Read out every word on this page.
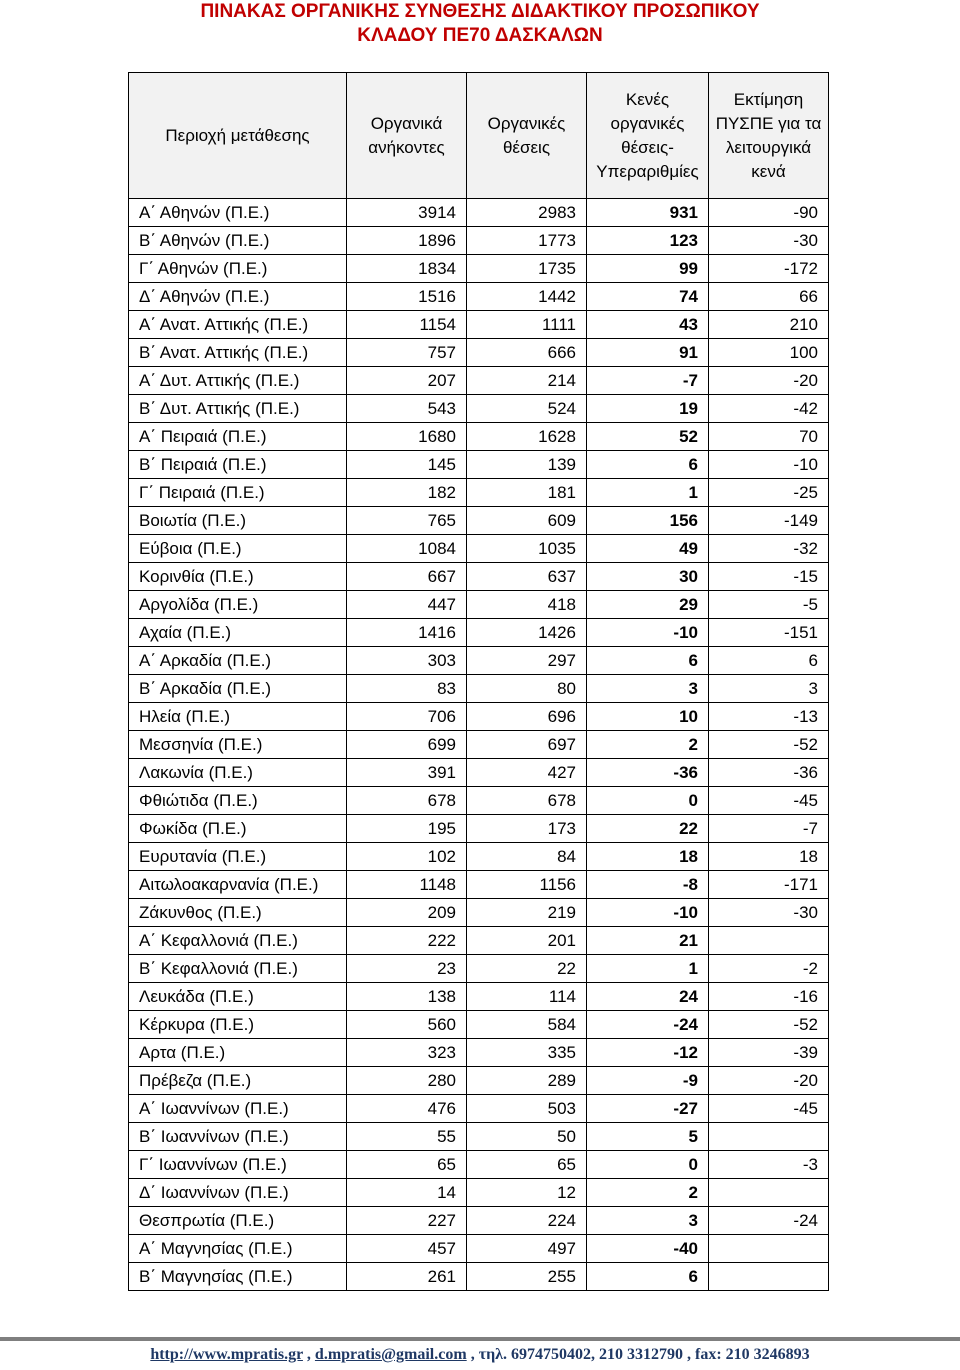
ΠΙΝΑΚΑΣ ΟΡΓΑΝΙΚΗΣ ΣΥΝΘΕΣΗΣ ΔΙΔΑΚΤΙΚΟΥ ΠΡΟΣΩΠΙΚΟΥ
ΚΛΑΔΟΥ ΠΕ70 ΔΑΣΚΑΛΩΝ
Περιοχή μετάθεσης	Οργανικά ανήκοντες	Οργανικές θέσεις	Κενές οργανικές θέσεις-Υπεραριθμίες	Εκτίμηση ΠΥΣΠΕ για τα λειτουργικά κενά
Α΄ Αθηνών (Π.Ε.)	3914	2983	931	-90
Β΄ Αθηνών (Π.Ε.)	1896	1773	123	-30
Γ΄ Αθηνών (Π.Ε.)	1834	1735	99	-172
Δ΄ Αθηνών (Π.Ε.)	1516	1442	74	66
Α΄ Ανατ. Αττικής (Π.Ε.)	1154	1111	43	210
Β΄ Ανατ. Αττικής (Π.Ε.)	757	666	91	100
Α΄ Δυτ. Αττικής (Π.Ε.)	207	214	-7	-20
Β΄ Δυτ. Αττικής (Π.Ε.)	543	524	19	-42
Α΄ Πειραιά (Π.Ε.)	1680	1628	52	70
Β΄ Πειραιά (Π.Ε.)	145	139	6	-10
Γ΄ Πειραιά (Π.Ε.)	182	181	1	-25
Βοιωτία (Π.Ε.)	765	609	156	-149
Εύβοια (Π.Ε.)	1084	1035	49	-32
Κορινθία (Π.Ε.)	667	637	30	-15
Αργολίδα (Π.Ε.)	447	418	29	-5
Αχαία (Π.Ε.)	1416	1426	-10	-151
Α΄ Αρκαδία (Π.Ε.)	303	297	6	6
Β΄ Αρκαδία (Π.Ε.)	83	80	3	3
Ηλεία (Π.Ε.)	706	696	10	-13
Μεσσηνία (Π.Ε.)	699	697	2	-52
Λακωνία (Π.Ε.)	391	427	-36	-36
Φθιώτιδα (Π.Ε.)	678	678	0	-45
Φωκίδα (Π.Ε.)	195	173	22	-7
Ευρυτανία (Π.Ε.)	102	84	18	18
Αιτωλοακαρνανία (Π.Ε.)	1148	1156	-8	-171
Ζάκυνθος (Π.Ε.)	209	219	-10	-30
Α΄ Κεφαλλονιά (Π.Ε.)	222	201	21	
Β΄ Κεφαλλονιά (Π.Ε.)	23	22	1	-2
Λευκάδα (Π.Ε.)	138	114	24	-16
Κέρκυρα (Π.Ε.)	560	584	-24	-52
Αρτα (Π.Ε.)	323	335	-12	-39
Πρέβεζα (Π.Ε.)	280	289	-9	-20
Α΄ Ιωαννίνων (Π.Ε.)	476	503	-27	-45
Β΄ Ιωαννίνων (Π.Ε.)	55	50	5	
Γ΄ Ιωαννίνων (Π.Ε.)	65	65	0	-3
Δ΄ Ιωαννίνων (Π.Ε.)	14	12	2	
Θεσπρωτία (Π.Ε.)	227	224	3	-24
Α΄ Μαγνησίας (Π.Ε.)	457	497	-40	
Β΄ Μαγνησίας (Π.Ε.)	261	255	6	
http://www.mpratis.gr , d.mpratis@gmail.com , τηλ. 6974750402, 210 3312790 , fax: 210 3246893
